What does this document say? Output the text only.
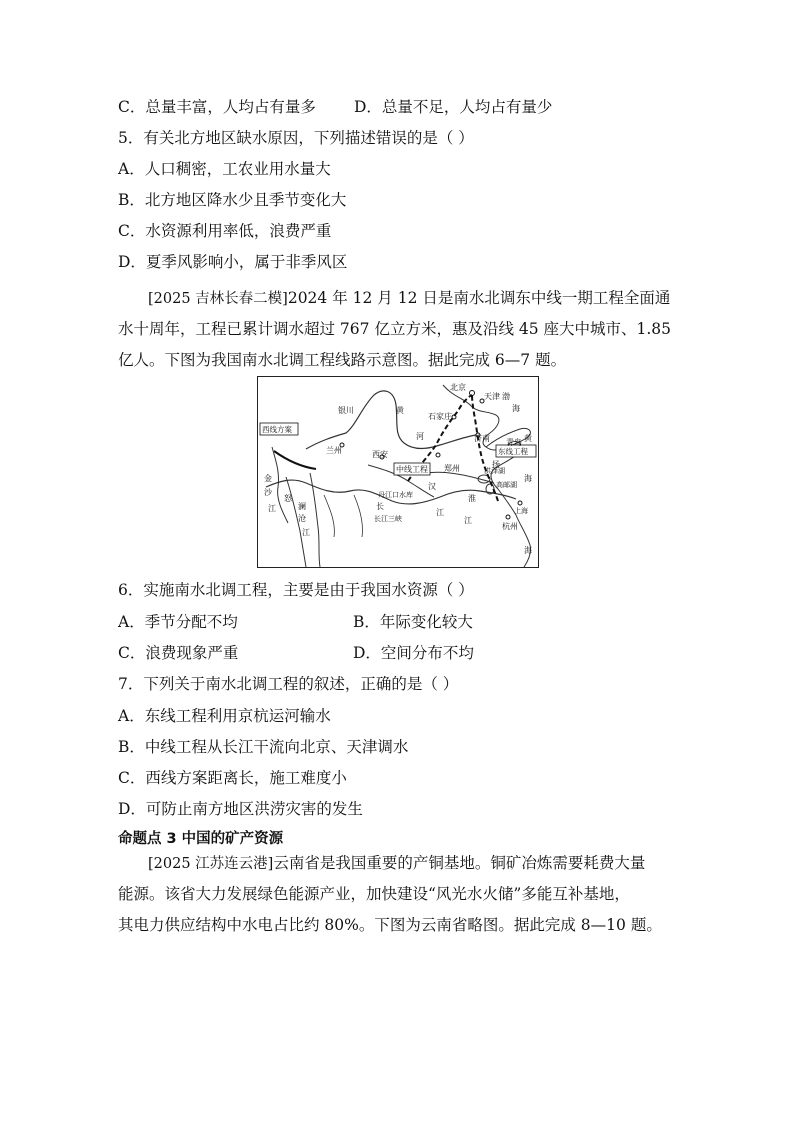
C．总量丰富，人均占有量多 D．总量不足，人均占有量少
5．有关北方地区缺水原因，下列描述错误的是（ ）
A．人口稠密，工农业用水量大
B．北方地区降水少且季节变化大
C．水资源利用率低，浪费严重
D．夏季风影响小，属于非季风区
[2025 吉林长春二模]2024 年 12 月 12 日是南水北调东中线一期工程全面通
水十周年，工程已累计调水超过 767 亿立方米，惠及沿线 45 座大中城市、1.85
亿人。下图为我国南水北调工程线路示意图。据此完成 6—7 题。
北京
天津 渤
海
银川	黄
河
石家庄
兰州
济南	黄
青岛
西安
中线工程 郑州	洪泽湖
高邮湖
扬
丹江口水库
汉
淮
海
长
江
长江三峡	江
杭州
海
西线方案
东线工程
金
沙
江	澜
沧
江
怒
上海
6．实施南水北调工程，主要是由于我国水资源（ ）
A．季节分配不均	B．年际变化较大
C．浪费现象严重	D．空间分布不均
7．下列关于南水北调工程的叙述，正确的是（ ）
A．东线工程利用京杭运河输水
B．中线工程从长江干流向北京、天津调水
C．西线方案距离长，施工难度小
D．可防止南方地区洪涝灾害的发生
命题点 3 中国的矿产资源
[2025 江苏连云港]云南省是我国重要的产铜基地。铜矿冶炼需要耗费大量
能源。该省大力发展绿色能源产业，加快建设“风光水火储”多能互补基地，
其电力供应结构中水电占比约 80%。下图为云南省略图。据此完成 8—10 题。
